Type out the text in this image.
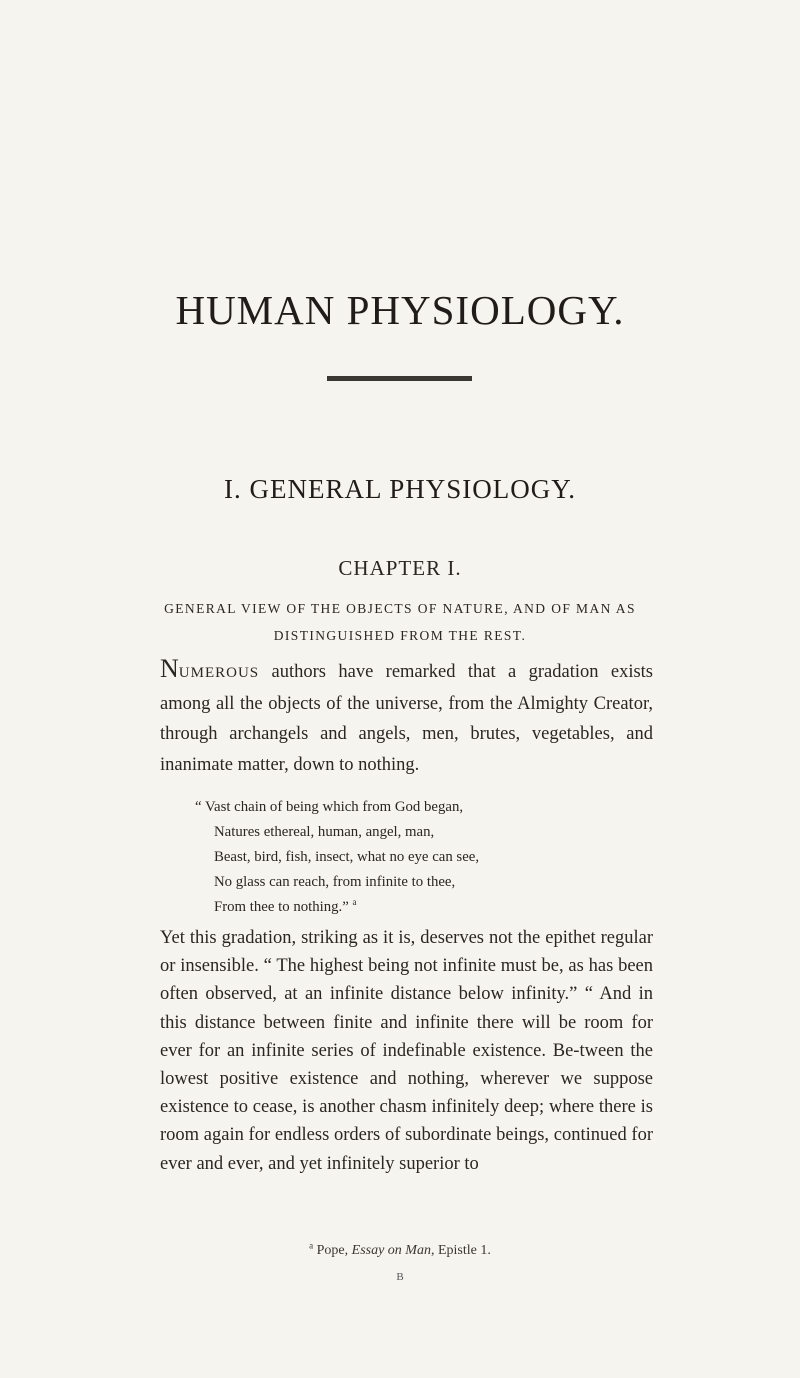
HUMAN PHYSIOLOGY.
I. GENERAL PHYSIOLOGY.
CHAPTER I.
GENERAL VIEW OF THE OBJECTS OF NATURE, AND OF MAN AS DISTINGUISHED FROM THE REST.
NUMEROUS authors have remarked that a gradation exists among all the objects of the universe, from the Almighty Creator, through archangels and angels, men, brutes, vegetables, and inanimate matter, down to nothing.
“ Vast chain of being which from God began,
Natures ethereal, human, angel, man,
Beast, bird, fish, insect, what no eye can see,
No glass can reach, from infinite to thee,
From thee to nothing.” $^a$
Yet this gradation, striking as it is, deserves not the epithet regular or insensible. “ The highest being not infinite must be, as has been often observed, at an infinite distance below infinity.” “ And in this distance between finite and infinite there will be room for ever for an infinite series of indefinable existence. Be-tween the lowest positive existence and nothing, wherever we suppose existence to cease, is another chasm infinitely deep; where there is room again for endless orders of subordinate beings, continued for ever and ever, and yet infinitely superior to
$^a$ Pope, Essay on Man, Epistle 1.
B
